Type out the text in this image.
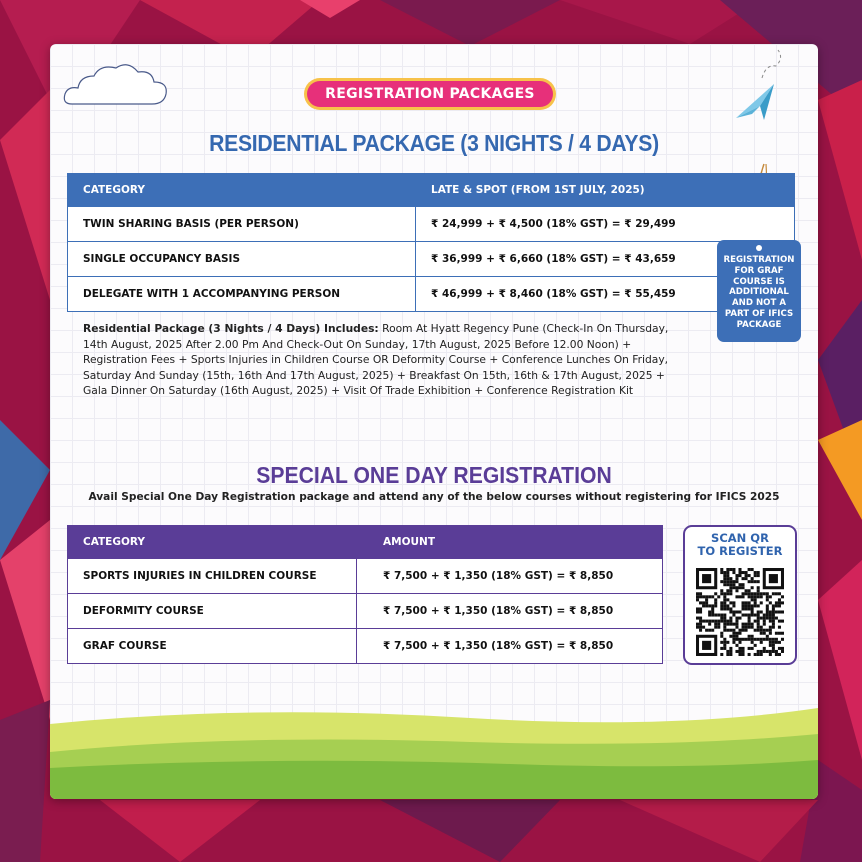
REGISTRATION PACKAGES
RESIDENTIAL PACKAGE (3 NIGHTS / 4 DAYS)
CATEGORY	LATE & SPOT (FROM 1ST JULY, 2025)
TWIN SHARING BASIS (PER PERSON)	₹ 24,999 + ₹ 4,500 (18% GST) = ₹ 29,499
SINGLE OCCUPANCY BASIS	₹ 36,999 + ₹ 6,660 (18% GST) = ₹ 43,659
DELEGATE WITH 1 ACCOMPANYING PERSON	₹ 46,999 + ₹ 8,460 (18% GST) = ₹ 55,459
Residential Package (3 Nights / 4 Days) Includes: Room At Hyatt Regency Pune (Check-In On Thursday, 14th August, 2025 After 2.00 Pm And Check-Out On Sunday, 17th August, 2025 Before 12.00 Noon) + Registration Fees + Sports Injuries in Children Course OR Deformity Course + Conference Lunches On Friday, Saturday And Sunday (15th, 16th And 17th August, 2025) + Breakfast On 15th, 16th & 17th August, 2025 + Gala Dinner On Saturday (16th August, 2025) + Visit Of Trade Exhibition + Conference Registration Kit
REGISTRATION FOR GRAF COURSE IS ADDITIONAL AND NOT A PART OF IFICS PACKAGE
SPECIAL ONE DAY REGISTRATION
Avail Special One Day Registration package and attend any of the below courses without registering for IFICS 2025
CATEGORY	AMOUNT
SPORTS INJURIES IN CHILDREN COURSE	₹ 7,500 + ₹ 1,350 (18% GST) = ₹ 8,850
DEFORMITY COURSE	₹ 7,500 + ₹ 1,350 (18% GST) = ₹ 8,850
GRAF COURSE	₹ 7,500 + ₹ 1,350 (18% GST) = ₹ 8,850
SCAN QR
TO REGISTER
